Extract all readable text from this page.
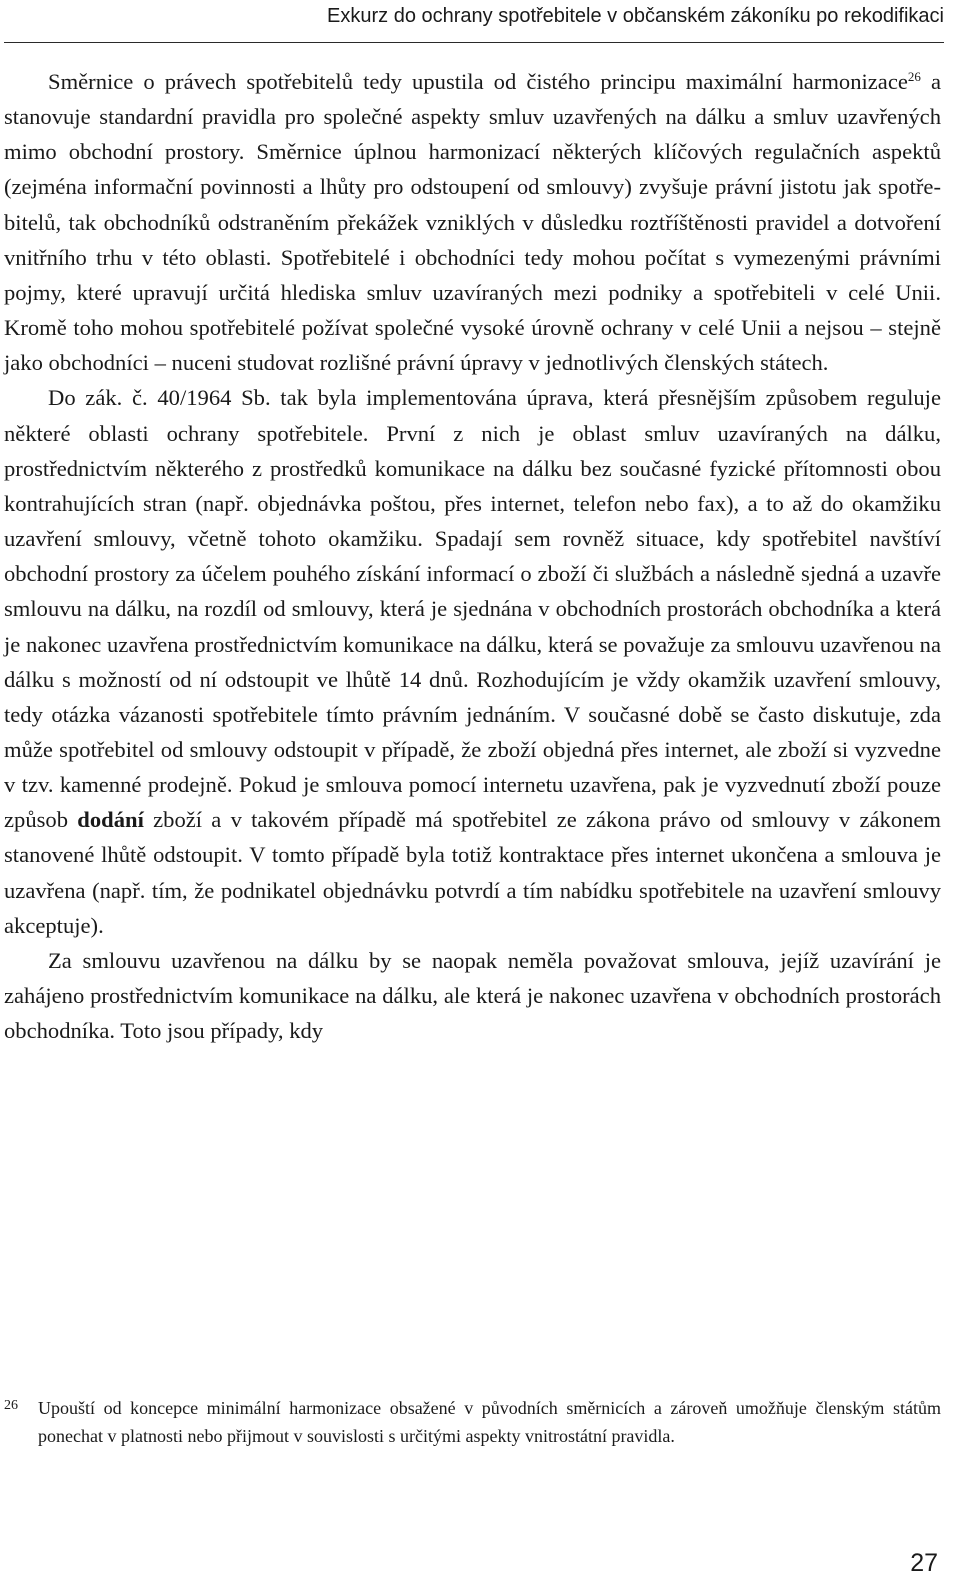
Exkurz do ochrany spotřebitele v občanském zákoníku po rekodifikaci

Směrnice o právech spotřebitelů tedy upustila od čistého principu maximální harmonizace$^{26}$ a stanovuje standardní pravidla pro společné aspekty smluv uzavřených na dálku a smluv uzavřených mimo obchodní prostory. Směrnice úplnou harmonizací některých klíčových regulačních aspektů (zejména informační povinnosti a lhůty pro odstoupení od smlouvy) zvyšuje právní jistotu jak spotřebitelů, tak obchodníků odstraněním překážek vzniklých v důsledku roztříštěnosti pravidel a dotvoření vnitřního trhu v této oblasti. Spotřebitelé i obchodníci tedy mohou počítat s vymezenými právními pojmy, které upravují určitá hlediska smluv uzavíraných mezi podniky a spotřebiteli v celé Unii. Kromě toho mohou spotřebitelé požívat společné vysoké úrovně ochrany v celé Unii a nejsou – stejně jako obchodníci – nuceni studovat rozlišné právní úpravy v jednotlivých členských státech.

Do zák. č. 40/1964 Sb. tak byla implementována úprava, která přesnějším způsobem reguluje některé oblasti ochrany spotřebitele. První z nich je oblast smluv uzavíraných na dálku, prostřednictvím některého z prostředků komunikace na dálku bez současné fyzické přítomnosti obou kontrahujících stran (např. objednávka poštou, přes internet, telefon nebo fax), a to až do okamžiku uzavření smlouvy, včetně tohoto okamžiku. Spadají sem rovněž situace, kdy spotřebitel navštíví obchodní prostory za účelem pouhého získání informací o zboží či službách a následně sjedná a uzavře smlouvu na dálku, na rozdíl od smlouvy, která je sjednána v obchodních prostorách obchodníka a která je nakonec uzavřena prostřednictvím komunikace na dálku, která se považuje za smlouvu uzavřenou na dálku s možností od ní odstoupit ve lhůtě 14 dnů. Rozhodujícím je vždy okamžik uzavření smlouvy, tedy otázka vázanosti spotřebitele tímto právním jednáním. V současné době se často diskutuje, zda může spotřebitel od smlouvy odstoupit v případě, že zboží objedná přes internet, ale zboží si vyzvedne v tzv. kamenné prodejně. Pokud je smlouva pomocí internetu uzavřena, pak je vyzvednutí zboží pouze způsob dodání zboží a v takovém případě má spotřebitel ze zákona právo od smlouvy v zákonem stanovené lhůtě odstoupit. V tomto případě byla totiž kontraktace přes internet ukončena a smlouva je uzavřena (např. tím, že podnikatel objednávku potvrdí a tím nabídku spotřebitele na uzavření smlouvy akceptuje).

Za smlouvu uzavřenou na dálku by se naopak neměla považovat smlouva, jejíž uzavírání je zahájeno prostřednictvím komunikace na dálku, ale která je nakonec uzavřena v obchodních prostorách obchodníka. Toto jsou případy, kdy

26 Upouští od koncepce minimální harmonizace obsažené v původních směrnicích a zároveň umožňuje členským státům ponechat v platnosti nebo přijmout v souvislosti s určitými aspekty vnitrostátní pravidla.
27
